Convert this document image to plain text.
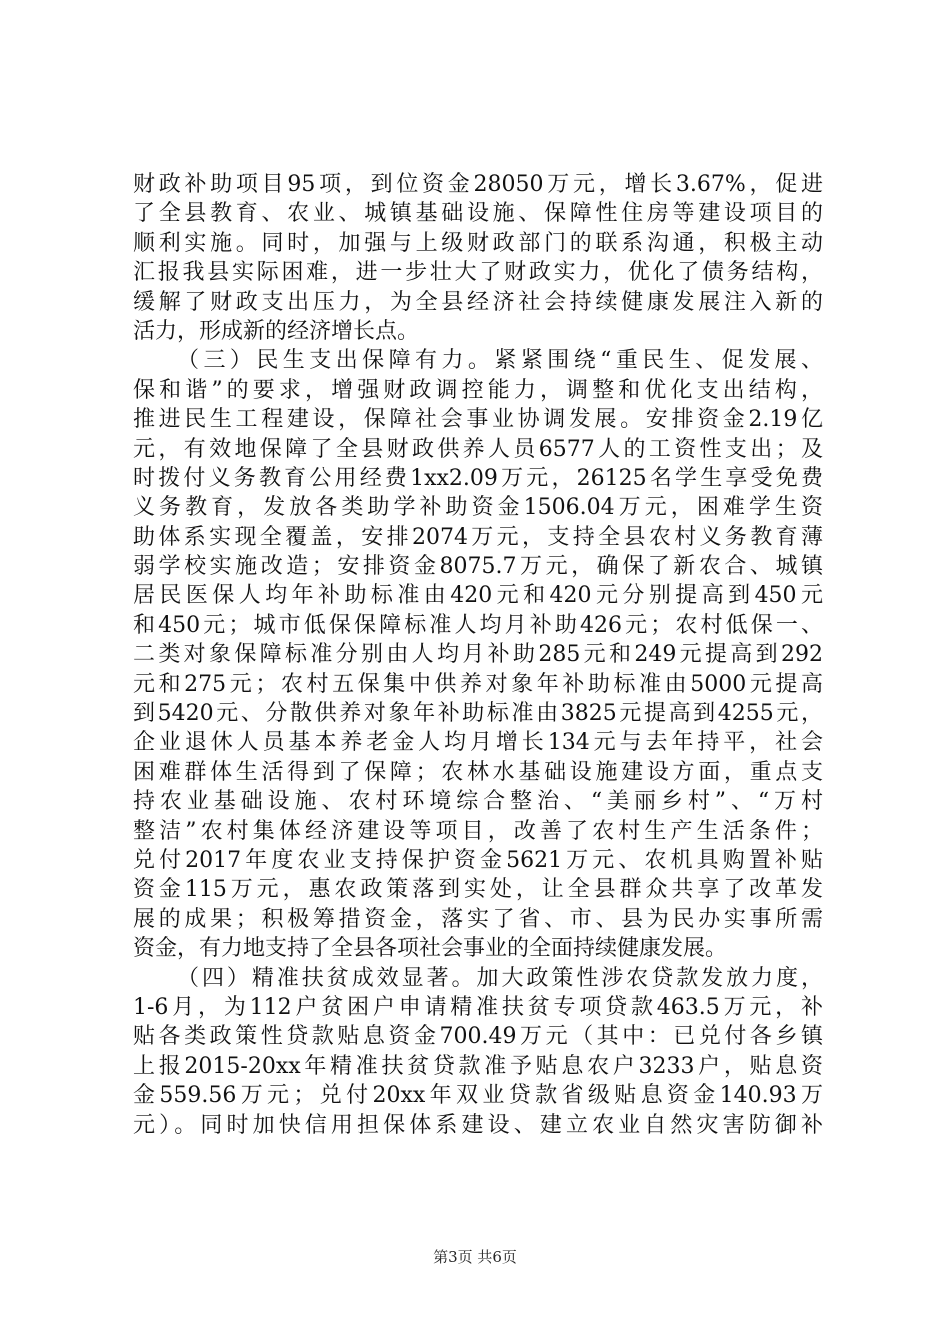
财政补助项目95项，到位资金28050万元，增长3.67%，促进
了全县教育、农业、城镇基础设施、保障性住房等建设项目的
顺利实施。同时，加强与上级财政部门的联系沟通，积极主动
汇报我县实际困难，进一步壮大了财政实力，优化了债务结构，
缓解了财政支出压力，为全县经济社会持续健康发展注入新的
活力，形成新的经济增长点。
（三）民生支出保障有力。紧紧围绕“重民生、促发展、
保和谐”的要求，增强财政调控能力，调整和优化支出结构，
推进民生工程建设，保障社会事业协调发展。安排资金2.19亿
元，有效地保障了全县财政供养人员6577人的工资性支出；及
时拨付义务教育公用经费1xx2.09万元，26125名学生享受免费
义务教育，发放各类助学补助资金1506.04万元，困难学生资
助体系实现全覆盖，安排2074万元，支持全县农村义务教育薄
弱学校实施改造；安排资金8075.7万元，确保了新农合、城镇
居民医保人均年补助标准由420元和420元分别提高到450元
和450元；城市低保保障标准人均月补助426元；农村低保一、
二类对象保障标准分别由人均月补助285元和249元提高到292
元和275元；农村五保集中供养对象年补助标准由5000元提高
到5420元、分散供养对象年补助标准由3825元提高到4255元，
企业退休人员基本养老金人均月增长134元与去年持平，社会
困难群体生活得到了保障；农林水基础设施建设方面，重点支
持农业基础设施、农村环境综合整治、“美丽乡村”、“万村
整洁”农村集体经济建设等项目，改善了农村生产生活条件；
兑付2017年度农业支持保护资金5621万元、农机具购置补贴
资金115万元，惠农政策落到实处，让全县群众共享了改革发
展的成果；积极筹措资金，落实了省、市、县为民办实事所需
资金，有力地支持了全县各项社会事业的全面持续健康发展。
（四）精准扶贫成效显著。加大政策性涉农贷款发放力度，
1-6月，为112户贫困户申请精准扶贫专项贷款463.5万元，补
贴各类政策性贷款贴息资金700.49万元（其中：已兑付各乡镇
上报2015-20xx年精准扶贫贷款准予贴息农户3233户，贴息资
金559.56万元；兑付20xx年双业贷款省级贴息资金140.93万
元）。同时加快信用担保体系建设、建立农业自然灾害防御补
第3页 共6页
